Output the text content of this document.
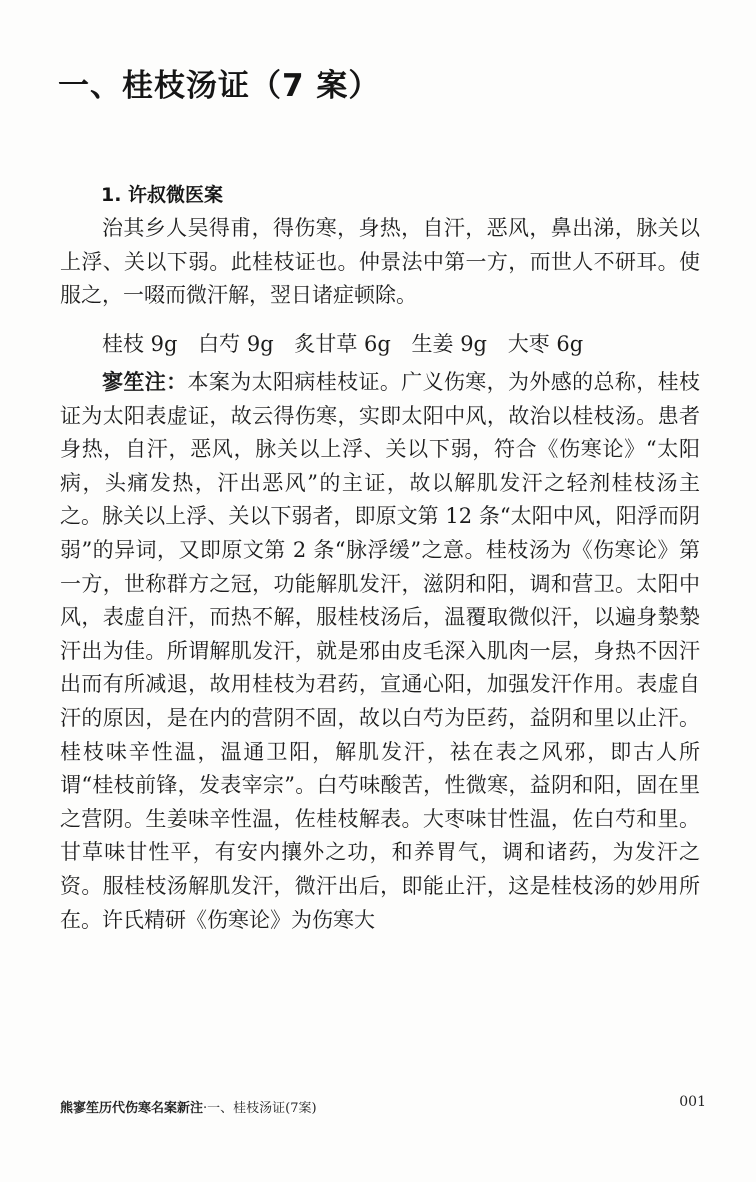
一、桂枝汤证（7 案）
1. 许叔微医案

治其乡人吴得甫，得伤寒，身热，自汗，恶风，鼻出涕，脉关以上浮、关以下弱。此桂枝证也。仲景法中第一方，而世人不研耳。使服之，一啜而微汗解，翌日诸症顿除。

桂枝 9g 白芍 9g 炙甘草 6g 生姜 9g 大枣 6g

寥笙注：本案为太阳病桂枝证。广义伤寒，为外感的总称，桂枝证为太阳表虚证，故云得伤寒，实即太阳中风，故治以桂枝汤。患者身热，自汗，恶风，脉关以上浮、关以下弱，符合《伤寒论》“太阳病，头痛发热，汗出恶风”的主证，故以解肌发汗之轻剂桂枝汤主之。脉关以上浮、关以下弱者，即原文第 12 条“太阳中风，阳浮而阴弱”的异词，又即原文第 2 条“脉浮缓”之意。桂枝汤为《伤寒论》第一方，世称群方之冠，功能解肌发汗，滋阴和阳，调和营卫。太阳中风，表虚自汗，而热不解，服桂枝汤后，温覆取微似汗，以遍身漐漐汗出为佳。所谓解肌发汗，就是邪由皮毛深入肌肉一层，身热不因汗出而有所减退，故用桂枝为君药，宣通心阳，加强发汗作用。表虚自汗的原因，是在内的营阴不固，故以白芍为臣药，益阴和里以止汗。桂枝味辛性温，温通卫阳，解肌发汗，祛在表之风邪，即古人所谓“桂枝前锋，发表宰宗”。白芍味酸苦，性微寒，益阴和阳，固在里之营阴。生姜味辛性温，佐桂枝解表。大枣味甘性温，佐白芍和里。甘草味甘性平，有安内攘外之功，和养胃气，调和诸药，为发汗之资。服桂枝汤解肌发汗，微汗出后，即能止汗，这是桂枝汤的妙用所在。许氏精研《伤寒论》为伤寒大

熊寥笙历代伤寒名案新注·一、桂枝汤证(7案)	001
